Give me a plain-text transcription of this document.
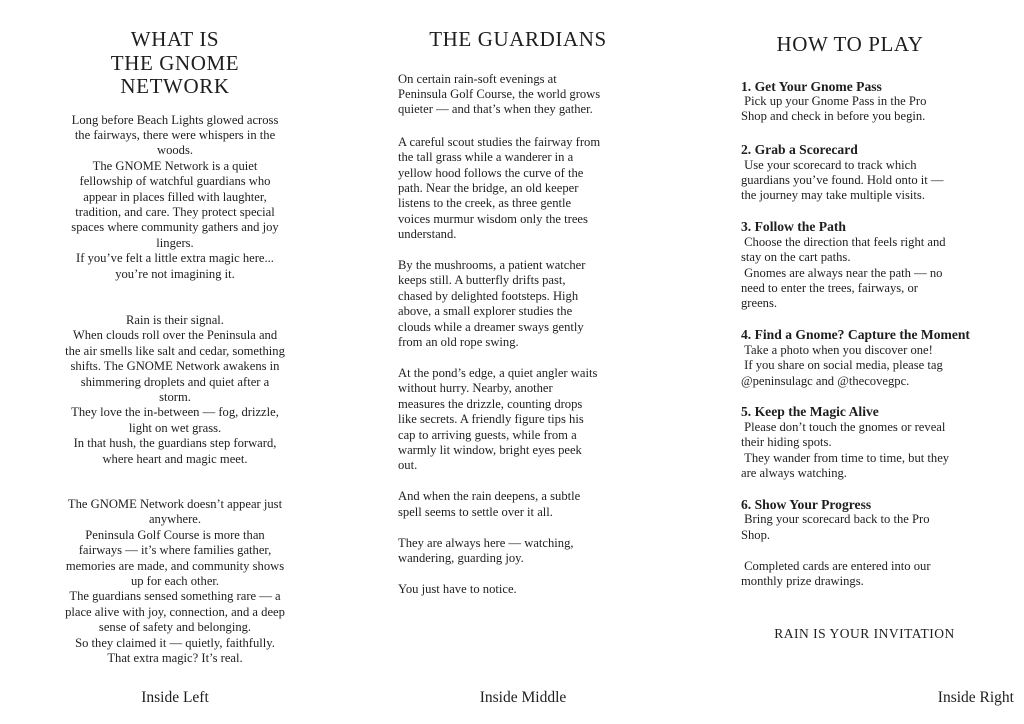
WHAT IS
THE GNOME
NETWORK

Long before Beach Lights glowed across
the fairways, there were whispers in the
woods.
The GNOME Network is a quiet
fellowship of watchful guardians who
appear in places filled with laughter,
tradition, and care. They protect special
spaces where community gathers and joy
lingers.
If you’ve felt a little extra magic here...
you’re not imagining it.

Rain is their signal.
When clouds roll over the Peninsula and
the air smells like salt and cedar, something
shifts. The GNOME Network awakens in
shimmering droplets and quiet after a
storm.
They love the in-between — fog, drizzle,
light on wet grass.
In that hush, the guardians step forward,
where heart and magic meet.

The GNOME Network doesn’t appear just
anywhere.
Peninsula Golf Course is more than
fairways — it’s where families gather,
memories are made, and community shows
up for each other.
The guardians sensed something rare — a
place alive with joy, connection, and a deep
sense of safety and belonging.
So they claimed it — quietly, faithfully.
That extra magic? It’s real.

THE GUARDIANS

On certain rain-soft evenings at
Peninsula Golf Course, the world grows
quieter — and that’s when they gather.

A careful scout studies the fairway from
the tall grass while a wanderer in a
yellow hood follows the curve of the
path. Near the bridge, an old keeper
listens to the creek, as three gentle
voices murmur wisdom only the trees
understand.

By the mushrooms, a patient watcher
keeps still. A butterfly drifts past,
chased by delighted footsteps. High
above, a small explorer studies the
clouds while a dreamer sways gently
from an old rope swing.

At the pond’s edge, a quiet angler waits
without hurry. Nearby, another
measures the drizzle, counting drops
like secrets. A friendly figure tips his
cap to arriving guests, while from a
warmly lit window, bright eyes peek
out.

And when the rain deepens, a subtle
spell seems to settle over it all.

They are always here — watching,
wandering, guarding joy.

You just have to notice.

HOW TO PLAY

1. Get Your Gnome Pass

Pick up your Gnome Pass in the Pro
Shop and check in before you begin.

2. Grab a Scorecard

Use your scorecard to track which
guardians you’ve found. Hold onto it —
the journey may take multiple visits.

3. Follow the Path

Choose the direction that feels right and
stay on the cart paths.
Gnomes are always near the path — no
need to enter the trees, fairways, or
greens.

4. Find a Gnome? Capture the Moment

Take a photo when you discover one!
If you share on social media, please tag
@peninsulagc and @thecovegpc.

5. Keep the Magic Alive

Please don’t touch the gnomes or reveal
their hiding spots.
They wander from time to time, but they
are always watching.

6. Show Your Progress

Bring your scorecard back to the Pro
Shop.

Completed cards are entered into our
monthly prize drawings.

RAIN IS YOUR INVITATION

Inside Left	Inside Middle	Inside Right
